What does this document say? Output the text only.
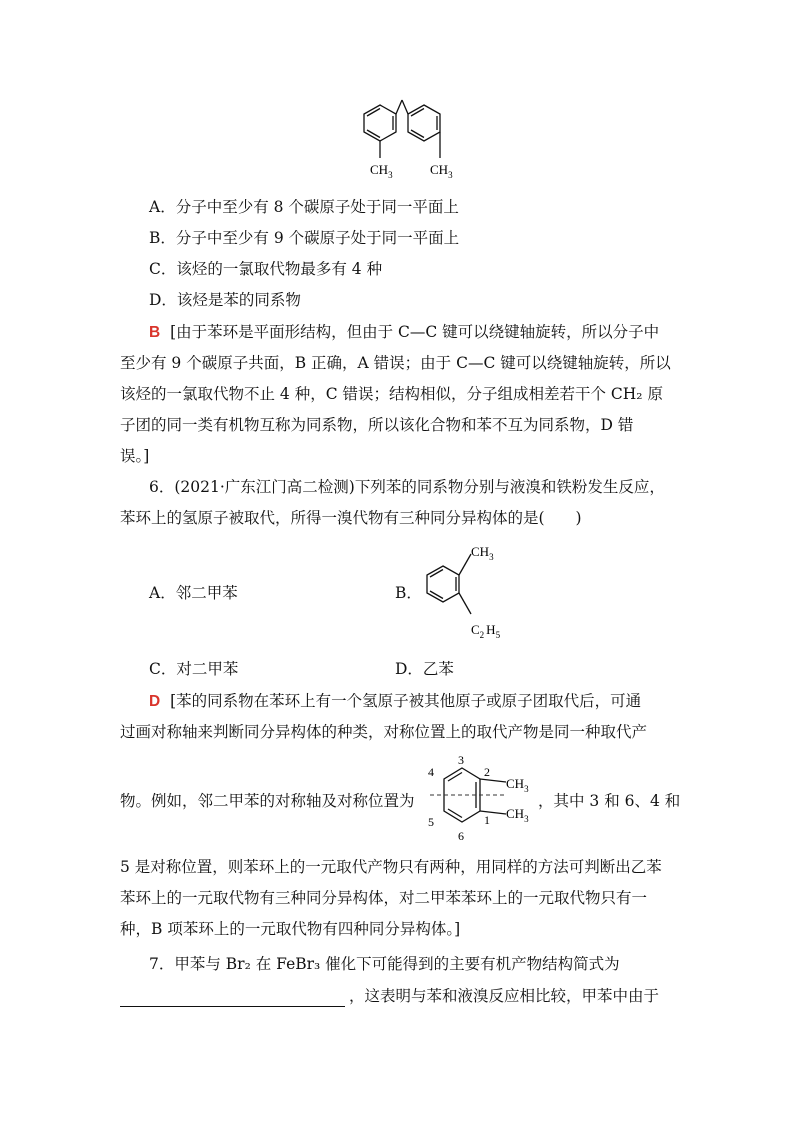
$CH_3$	$CH_3$
A．分子中至少有 8 个碳原子处于同一平面上
B．分子中至少有 9 个碳原子处于同一平面上
C．该烃的一氯取代物最多有 4 种
D．该烃是苯的同系物
B [由于苯环是平面形结构，但由于 C—C 键可以绕键轴旋转，所以分子中
至少有 9 个碳原子共面，B 正确，A 错误；由于 C—C 键可以绕键轴旋转，所以
该烃的一氯取代物不止 4 种，C 错误；结构相似，分子组成相差若干个 CH₂ 原
子团的同一类有机物互称为同系物，所以该化合物和苯不互为同系物，D 错
误。]
6．(2021·广东江门高二检测)下列苯的同系物分别与液溴和铁粉发生反应，
苯环上的氢原子被取代，所得一溴代物有三种同分异构体的是(　　)
A．邻二甲苯	B．
$CH_3$
$C_2$ $H_5$
C．对二甲苯	D．乙苯
D [苯的同系物在苯环上有一个氢原子被其他原子或原子团取代后，可通
过画对称轴来判断同分异构体的种类，对称位置上的取代产物是同一种取代产
物。例如，邻二甲苯的对称轴及对称位置为
3
2
4
5	1
6
$CH_3$
$CH_3$
，其中 3 和 6、4 和
5 是对称位置，则苯环上的一元取代产物只有两种，用同样的方法可判断出乙苯
苯环上的一元取代物有三种同分异构体，对二甲苯苯环上的一元取代物只有一
种，B 项苯环上的一元取代物有四种同分异构体。]
7．甲苯与 Br₂ 在 FeBr₃ 催化下可能得到的主要有机产物结构简式为
，这表明与苯和液溴反应相比较，甲苯中由于
